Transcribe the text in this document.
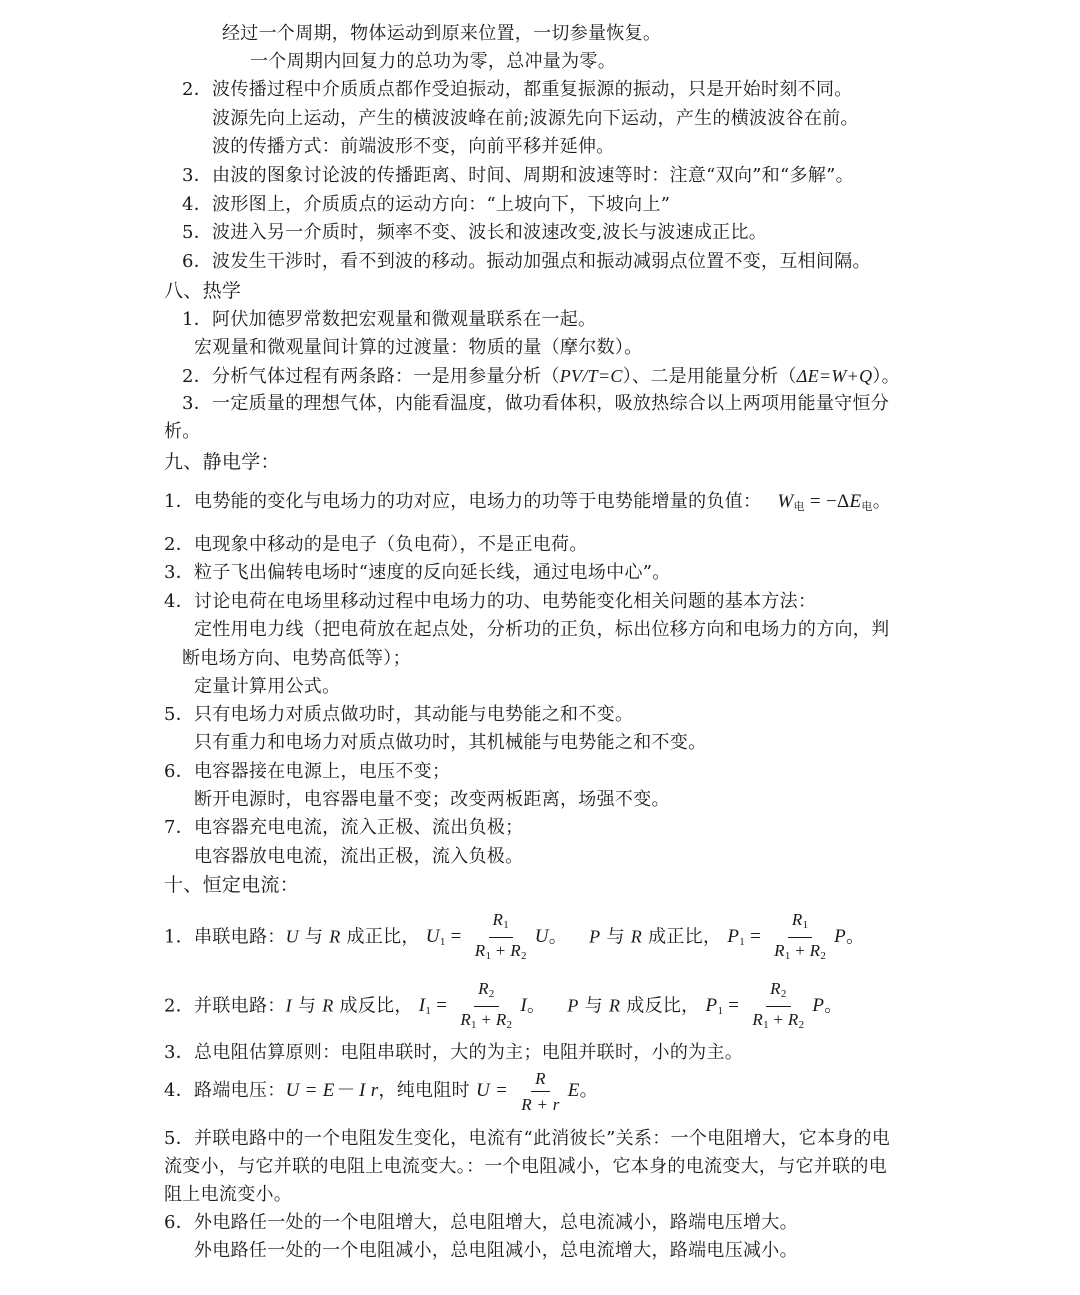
经过一个周期，物体运动到原来位置，一切参量恢复。
一个周期内回复力的总功为零，总冲量为零。
2．波传播过程中介质质点都作受迫振动，都重复振源的振动，只是开始时刻不同。
波源先向上运动，产生的横波波峰在前;波源先向下运动，产生的横波波谷在前。
波的传播方式：前端波形不变，向前平移并延伸。
3．由波的图象讨论波的传播距离、时间、周期和波速等时：注意“双向”和“多解”。
4．波形图上，介质质点的运动方向：“上坡向下，下坡向上”
5．波进入另一介质时，频率不变、波长和波速改变,波长与波速成正比。
6．波发生干涉时，看不到波的移动。振动加强点和振动减弱点位置不变，互相间隔。
八、热学
1．阿伏加德罗常数把宏观量和微观量联系在一起。
宏观量和微观量间计算的过渡量：物质的量（摩尔数）。
2．分析气体过程有两条路：一是用参量分析（PV/T=C）、二是用能量分析（ΔE=W+Q）。
3．一定质量的理想气体，内能看温度，做功看体积，吸放热综合以上两项用能量守恒分
析。
九、静电学：
1．电势能的变化与电场力的功对应，电场力的功等于电势能增量的负值： $W_电 = -\Delta E_电$。
2．电现象中移动的是电子（负电荷），不是正电荷。
3．粒子飞出偏转电场时“速度的反向延长线，通过电场中心”。
4．讨论电荷在电场里移动过程中电场力的功、电势能变化相关问题的基本方法：
定性用电力线（把电荷放在起点处，分析功的正负，标出位移方向和电场力的方向，判
断电场方向、电势高低等）；
定量计算用公式。
5．只有电场力对质点做功时，其动能与电势能之和不变。
只有重力和电场力对质点做功时，其机械能与电势能之和不变。
6．电容器接在电源上，电压不变；
断开电源时，电容器电量不变；改变两板距离，场强不变。
7．电容器充电电流，流入正极、流出负极；
电容器放电电流，流出正极，流入负极。
十、恒定电流：
1．串联电路：U 与 R 成正比， $U_1 = \frac{R_1}{R_1 + R_2}$ U。 P 与 R 成正比， $P_1 = \frac{R_1}{R_1 + R_2}$ P。
2．并联电路：I 与 R 成反比， $I_1 = \frac{R_2}{R_1 + R_2}$ I。 P 与 R 成反比， $P_1 = \frac{R_2}{R_1 + R_2}$ P。
3．总电阻估算原则：电阻串联时，大的为主；电阻并联时，小的为主。
4．路端电压：U = E－ I r，纯电阻时 $U = \frac{R}{R + r}$ E。
5．并联电路中的一个电阻发生变化，电流有“此消彼长”关系：一个电阻增大，它本身的电
流变小，与它并联的电阻上电流变大。：一个电阻减小，它本身的电流变大，与它并联的电
阻上电流变小。
6．外电路任一处的一个电阻增大，总电阻增大，总电流减小，路端电压增大。
外电路任一处的一个电阻减小，总电阻减小，总电流增大，路端电压减小。
